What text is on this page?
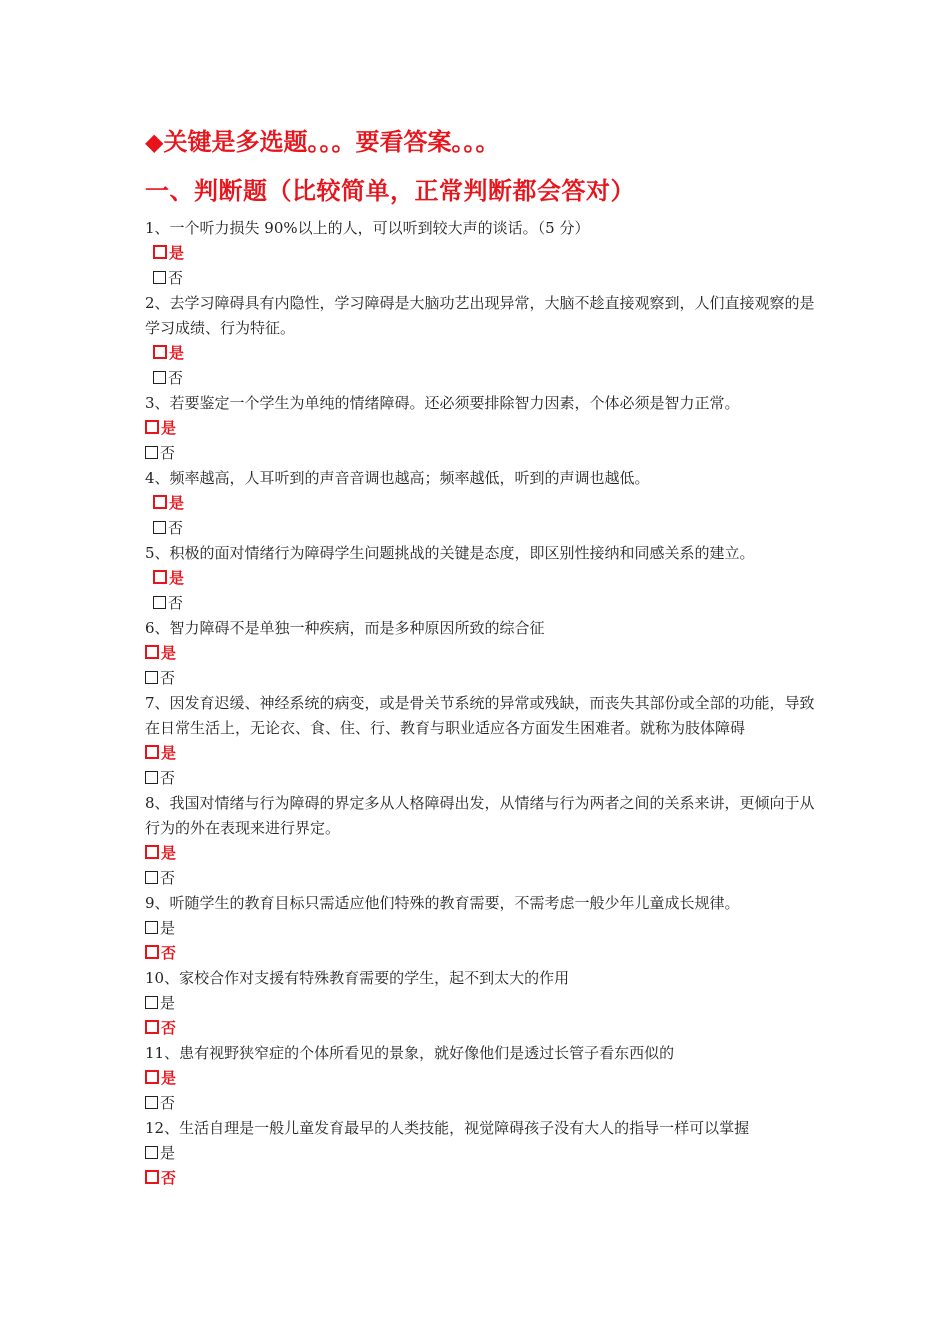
◆关键是多选题。。。要看答案。。。
一、判断题（比较简单，正常判断都会答对）
1、一个听力损失 90%以上的人，可以听到较大声的谈话。（5 分）
是
否
2、去学习障碍具有内隐性，学习障碍是大脑功艺出现异常，大脑不趁直接观察到，人们直接观察的是学习成绩、行为特征。
是
否
3、若要鉴定一个学生为单纯的情绪障碍。还必须要排除智力因素，个体必须是智力正常。
是
否
4、频率越高，人耳听到的声音音调也越高；频率越低，听到的声调也越低。
是
否
5、积极的面对情绪行为障碍学生问题挑战的关键是态度，即区别性接纳和同感关系的建立。
是
否
6、智力障碍不是单独一种疾病，而是多种原因所致的综合征
是
否
7、因发育迟缓、神经系统的病变，或是骨关节系统的异常或残缺，而丧失其部份或全部的功能，导致在日常生活上，无论衣、食、住、行、教育与职业适应各方面发生困难者。就称为肢体障碍
是
否
8、我国对情绪与行为障碍的界定多从人格障碍出发，从情绪与行为两者之间的关系来讲，更倾向于从行为的外在表现来进行界定。
是
否
9、听随学生的教育目标只需适应他们特殊的教育需要，不需考虑一般少年儿童成长规律。
是
否
10、家校合作对支援有特殊教育需要的学生，起不到太大的作用
是
否
11、患有视野狭窄症的个体所看见的景象，就好像他们是透过长管子看东西似的
是
否
12、生活自理是一般儿童发育最早的人类技能，视觉障碍孩子没有大人的指导一样可以掌握
是
否
